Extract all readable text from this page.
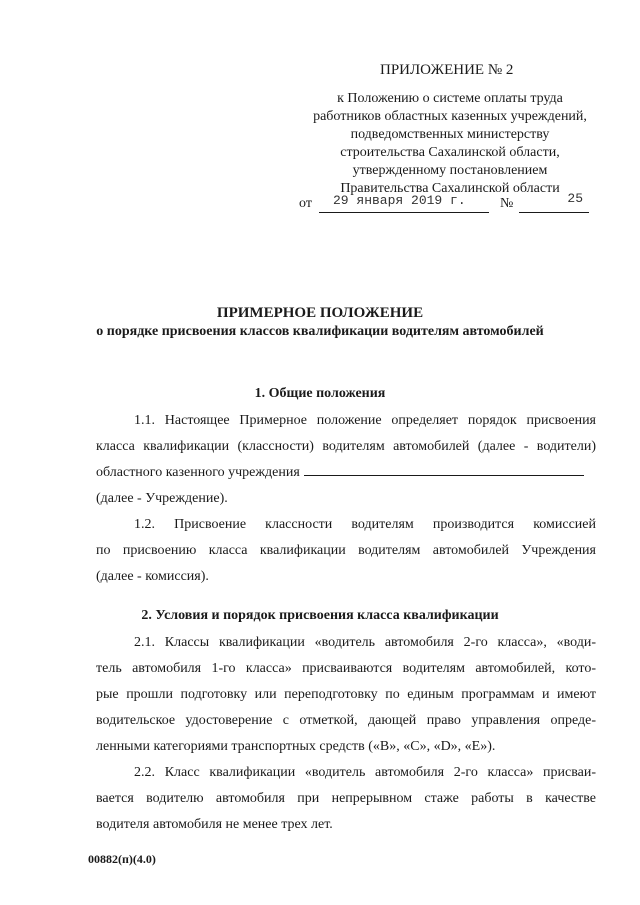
ПРИЛОЖЕНИЕ № 2
к Положению о системе оплаты труда
работников областных казенных учреждений,
подведомственных министерству
строительства Сахалинской области,
утвержденному постановлением
Правительства Сахалинской области
от 29 января 2019 г. №	25
ПРИМЕРНОЕ ПОЛОЖЕНИЕ
о порядке присвоения классов квалификации водителям автомобилей
1. Общие положения
1.1. Настоящее Примерное положение определяет порядок присвоения
класса квалификации (классности) водителям автомобилей (далее - водители)
областного казенного учреждения
(далее - Учреждение).
1.2. Присвоение классности водителям производится комиссией
по присвоению класса квалификации водителям автомобилей Учреждения
(далее - комиссия).
2. Условия и порядок присвоения класса квалификации
2.1. Классы квалификации «водитель автомобиля 2-го класса», «води-
тель автомобиля 1-го класса» присваиваются водителям автомобилей, кото-
рые прошли подготовку или переподготовку по единым программам и имеют
водительское удостоверение с отметкой, дающей право управления опреде-
ленными категориями транспортных средств («B», «C», «D», «E»).
2.2. Класс квалификации «водитель автомобиля 2-го класса» присваи-
вается водителю автомобиля при непрерывном стаже работы в качестве
водителя автомобиля не менее трех лет.
00882(п)(4.0)
